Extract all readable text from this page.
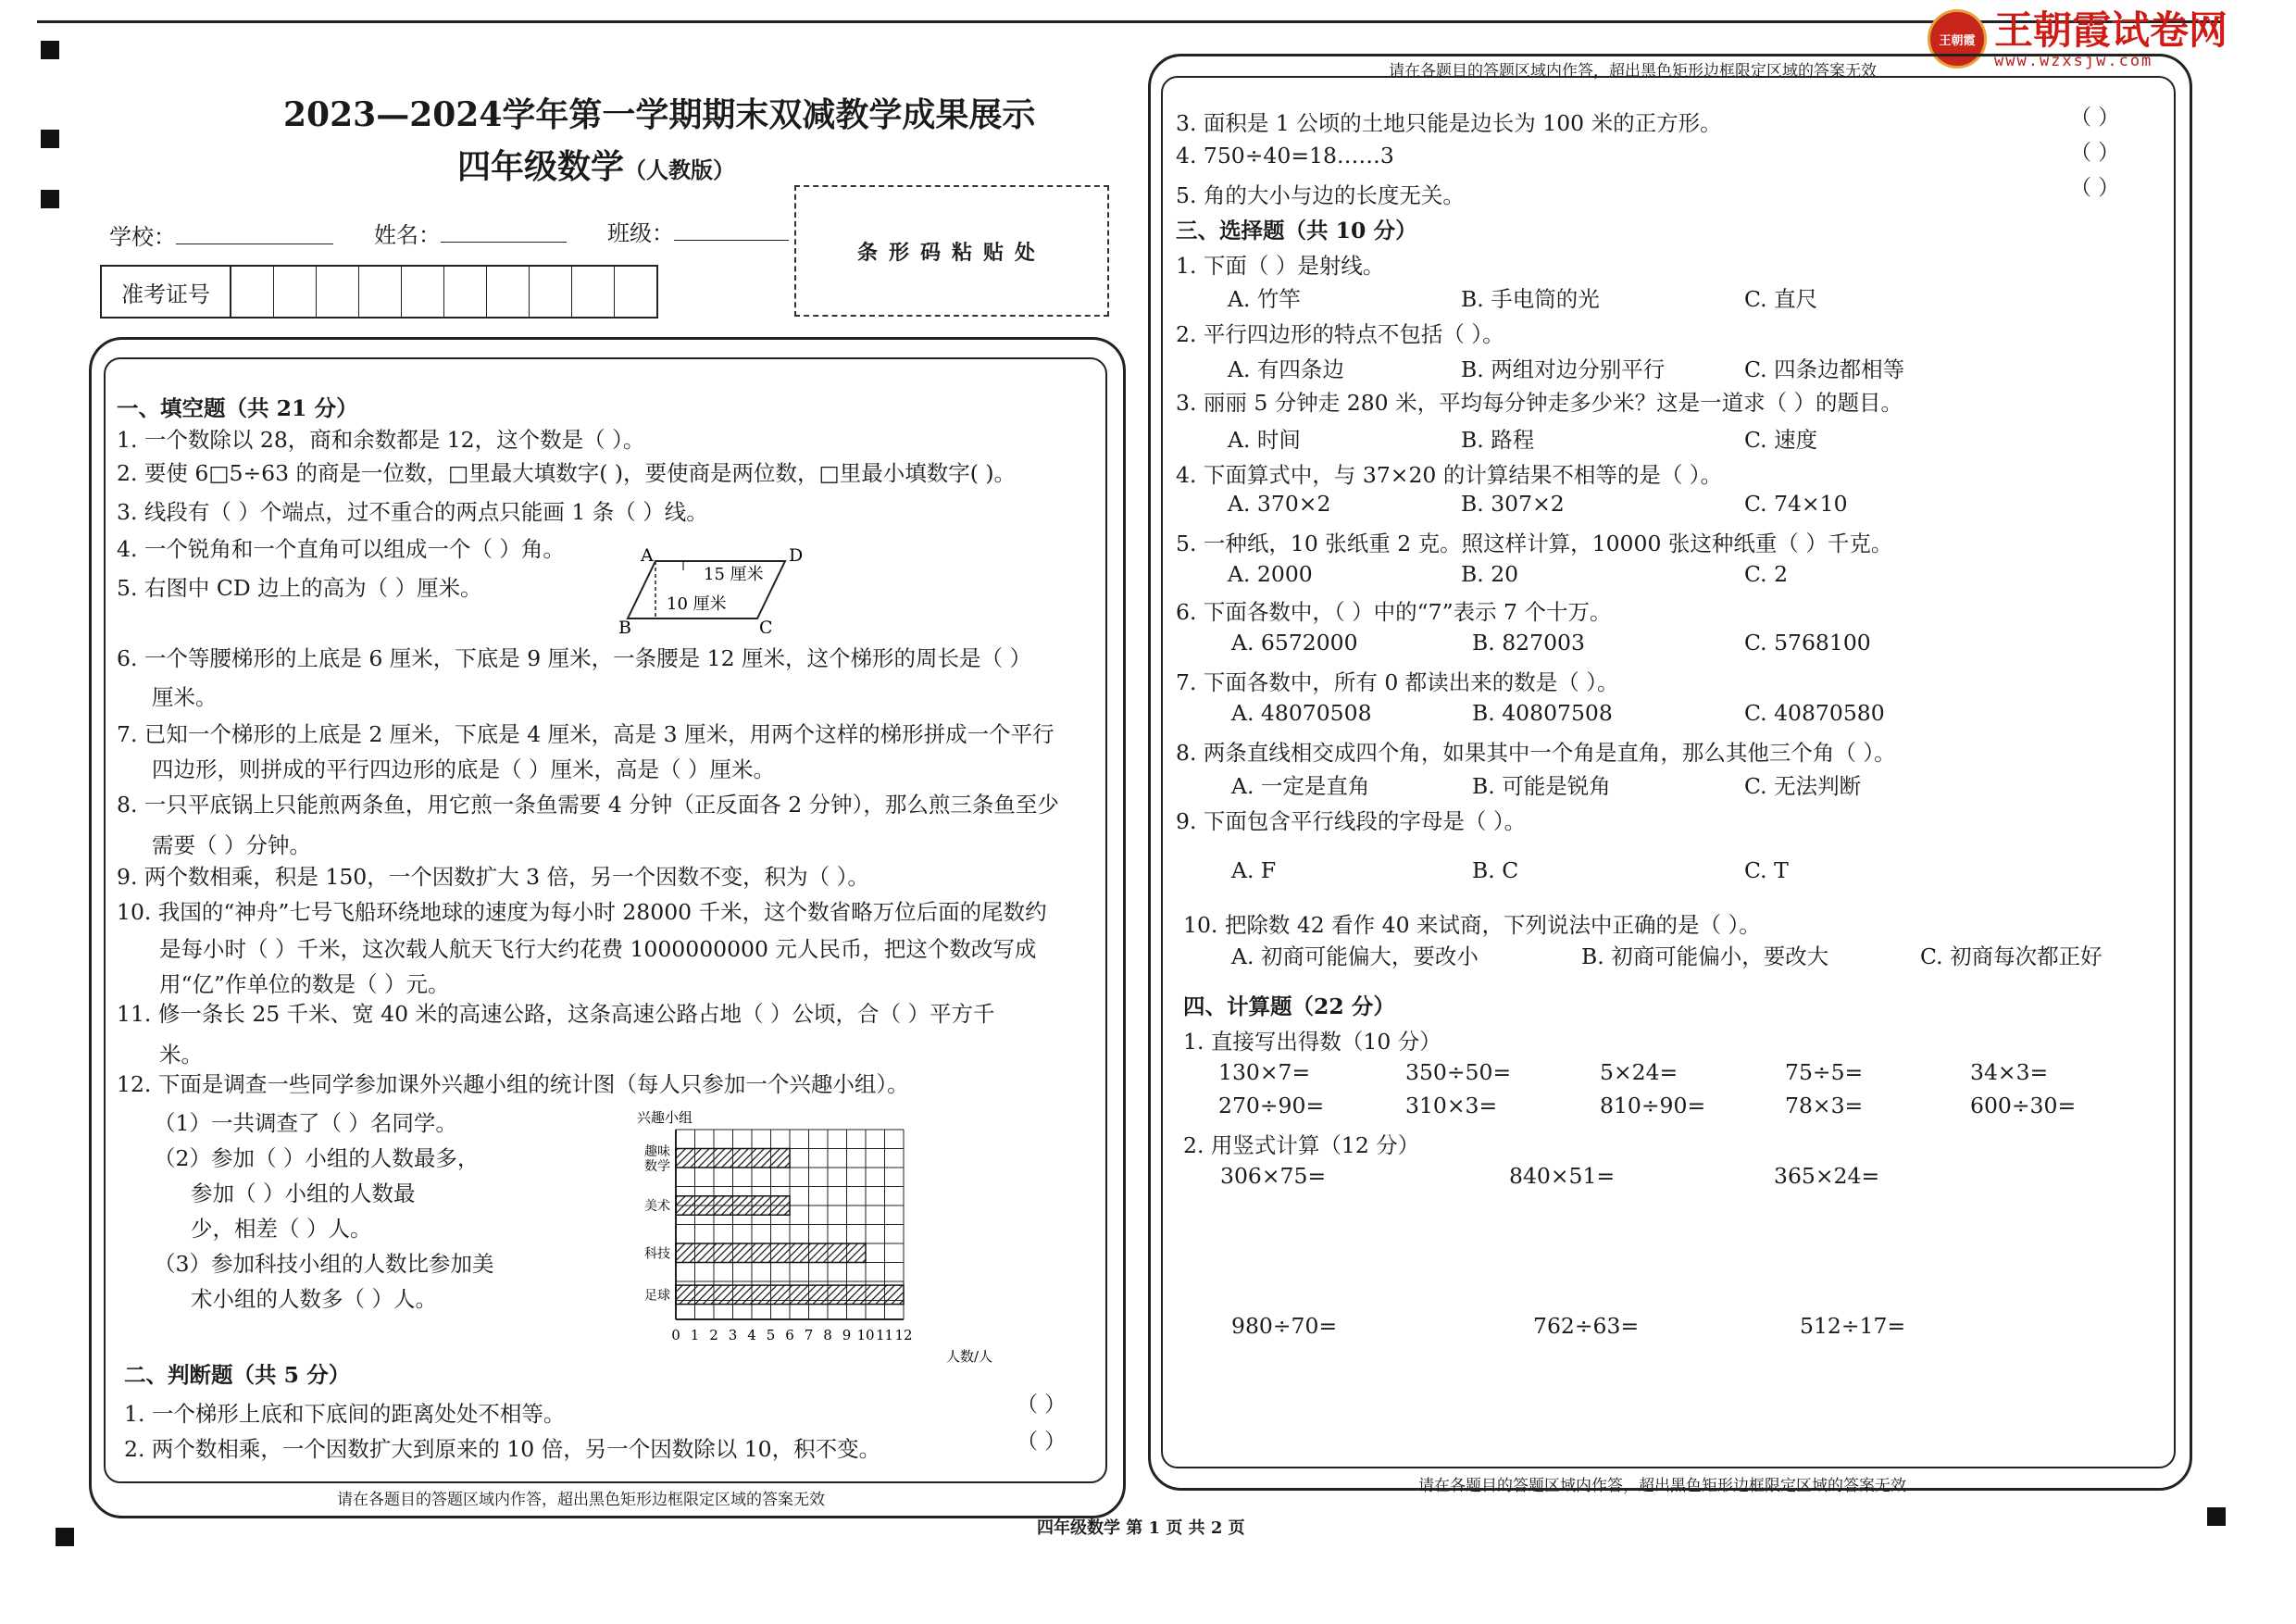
王朝霞 王朝霞试卷网
www.wzxsjw.com
2023—2024学年第一学期期末双减教学成果展示
四年级数学（人教版）
学校：	姓名：	班级：
准考证号
条形码粘贴处
请在各题目的答题区域内作答，超出黑色矩形边框限定区域的答案无效
一、填空题（共 21 分）
1. 一个数除以 28，商和余数都是 12，这个数是（ ）。
2. 要使 6□5÷63 的商是一位数，□里最大填数字( )，要使商是两位数，□里最小填数字( )。
3. 线段有（ ）个端点，过不重合的两点只能画 1 条（ ）线。
4. 一个锐角和一个直角可以组成一个（ ）角。
5. 右图中 CD 边上的高为（ ）厘米。
A	D
B	C
15 厘米
10 厘米
6. 一个等腰梯形的上底是 6 厘米，下底是 9 厘米，一条腰是 12 厘米，这个梯形的周长是（ ）
厘米。
7. 已知一个梯形的上底是 2 厘米，下底是 4 厘米，高是 3 厘米，用两个这样的梯形拼成一个平行
四边形，则拼成的平行四边形的底是（ ）厘米，高是（ ）厘米。
8. 一只平底锅上只能煎两条鱼，用它煎一条鱼需要 4 分钟（正反面各 2 分钟），那么煎三条鱼至少
需要（ ）分钟。
9. 两个数相乘，积是 150，一个因数扩大 3 倍，另一个因数不变，积为（ ）。
10. 我国的“神舟”七号飞船环绕地球的速度为每小时 28000 千米，这个数省略万位后面的尾数约
是每小时（ ）千米，这次载人航天飞行大约花费 1000000000 元人民币，把这个数改写成
用“亿”作单位的数是（ ）元。
11. 修一条长 25 千米、宽 40 米的高速公路，这条高速公路占地（ ）公顷，合（ ）平方千
米。
12. 下面是调查一些同学参加课外兴趣小组的统计图（每人只参加一个兴趣小组）。
（1）一共调查了（ ）名同学。
（2）参加（ ）小组的人数最多，
参加（ ）小组的人数最
少，相差（ ）人。
（3）参加科技小组的人数比参加美
术小组的人数多（ ）人。
兴趣小组
趣味
数学
美术
科技
足球
0 1 2 3 4 5 6 7 8 9 10 11 12
人数/人
二、判断题（共 5 分）
1. 一个梯形上底和下底间的距离处处不相等。	（ ）
2. 两个数相乘，一个因数扩大到原来的 10 倍，另一个因数除以 10，积不变。	（ ）
请在各题目的答题区域内作答，超出黑色矩形边框限定区域的答案无效
请在各题目的答题区域内作答，超出黑色矩形边框限定区域的答案无效
3. 面积是 1 公顷的土地只能是边长为 100 米的正方形。	（ ）
4. 750÷40=18……3	（ ）
5. 角的大小与边的长度无关。	（ ）
三、选择题（共 10 分）
1. 下面（ ）是射线。
A. 竹竿	B. 手电筒的光	C. 直尺
2. 平行四边形的特点不包括（ ）。
A. 有四条边	B. 两组对边分别平行	C. 四条边都相等
3. 丽丽 5 分钟走 280 米，平均每分钟走多少米？这是一道求（ ）的题目。
A. 时间	B. 路程	C. 速度
4. 下面算式中，与 37×20 的计算结果不相等的是（ ）。
A. 370×2	B. 307×2	C. 74×10
5. 一种纸，10 张纸重 2 克。照这样计算，10000 张这种纸重（ ）千克。
A. 2000	B. 20	C. 2
6. 下面各数中，（ ）中的“7”表示 7 个十万。
A. 6572000	B. 827003	C. 5768100
7. 下面各数中，所有 0 都读出来的数是（ ）。
A. 48070508	B. 40807508	C. 40870580
8. 两条直线相交成四个角，如果其中一个角是直角，那么其他三个角（ ）。
A. 一定是直角	B. 可能是锐角	C. 无法判断
9. 下面包含平行线段的字母是（ ）。
A. F	B. C	C. T
10. 把除数 42 看作 40 来试商，下列说法中正确的是（ ）。
A. 初商可能偏大，要改小	B. 初商可能偏小，要改大	C. 初商每次都正好
四、计算题（22 分）
1. 直接写出得数（10 分）
130×7=	350÷50=	5×24=	75÷5=	34×3=
270÷90=	310×3=	810÷90=	78×3=	600÷30=
2. 用竖式计算（12 分）
306×75=	840×51=	365×24=
980÷70=	762÷63=	512÷17=
四年级数学 第 1 页 共 2 页
